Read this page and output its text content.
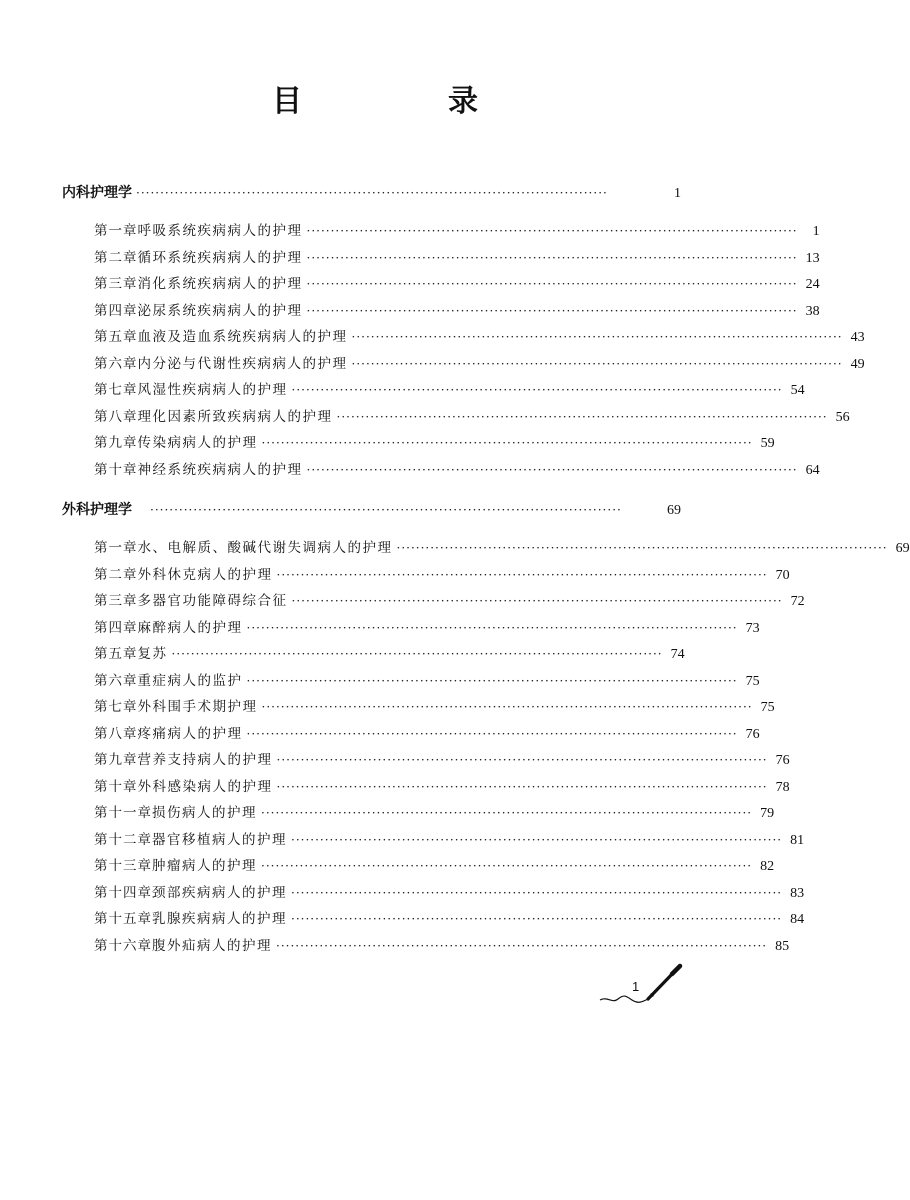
目　录
内科护理学 ··································································································	1
第一章 呼吸系统疾病病人的护理 ······································································································	1
第二章 循环系统疾病病人的护理 ······································································································ 13
第三章 消化系统疾病病人的护理 ······································································································ 24
第四章 泌尿系统疾病病人的护理 ······································································································ 38
第五章 血液及造血系统疾病病人的护理 ······································································································ 43
第六章 内分泌与代谢性疾病病人的护理 ······································································································ 49
第七章 风湿性疾病病人的护理 ······································································································ 54
第八章 理化因素所致疾病病人的护理 ······································································································ 56
第九章 传染病病人的护理 ······································································································ 59
第十章 神经系统疾病病人的护理 ······································································································ 64
外科护理学 ··································································································	69
第一章 水、电解质、酸碱代谢失调病人的护理 ······································································································ 69
第二章 外科休克病人的护理 ······································································································ 70
第三章 多器官功能障碍综合征 ······································································································ 72
第四章 麻醉病人的护理 ······································································································ 73
第五章 复苏 ······································································································ 74
第六章 重症病人的监护 ······································································································ 75
第七章 外科围手术期护理 ······································································································ 75
第八章 疼痛病人的护理 ······································································································ 76
第九章 营养支持病人的护理 ······································································································ 76
第十章 外科感染病人的护理 ······································································································ 78
第十一章 损伤病人的护理 ······································································································ 79
第十二章 器官移植病人的护理 ······································································································ 81
第十三章 肿瘤病人的护理 ······································································································ 82
第十四章 颈部疾病病人的护理 ······································································································ 83
第十五章 乳腺疾病病人的护理 ······································································································ 84
第十六章 腹外疝病人的护理 ······································································································ 85
1
